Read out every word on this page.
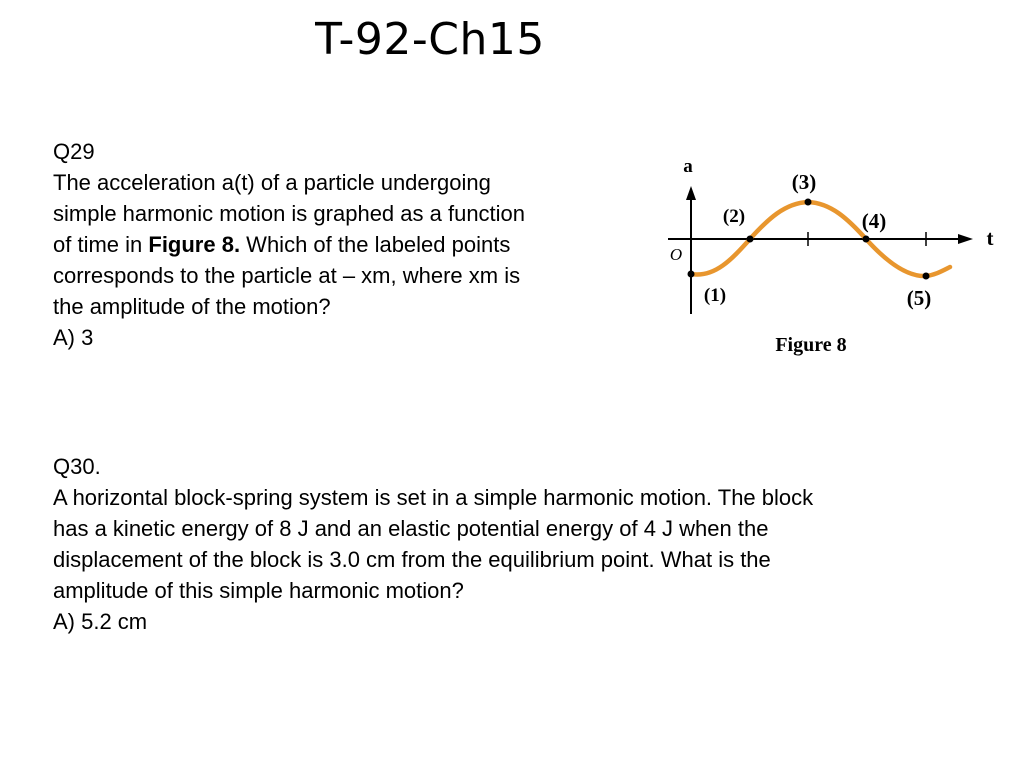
T-92-Ch15

Q29

The acceleration a(t) of a particle undergoing

simple harmonic motion is graphed as a function

of time in Figure 8. Which of the labeled points

corresponds to the particle at – xm, where xm is

the amplitude of the motion?

A) 3

a
t
O
(1)
(2)
(3)
(4)
(5)
Figure 8

Q30.

A horizontal block-spring system is set in a simple harmonic motion. The block

has a kinetic energy of 8 J and an elastic potential energy of 4 J when the

displacement of the block is 3.0 cm from the equilibrium point. What is the

amplitude of this simple harmonic motion?

A) 5.2 cm
